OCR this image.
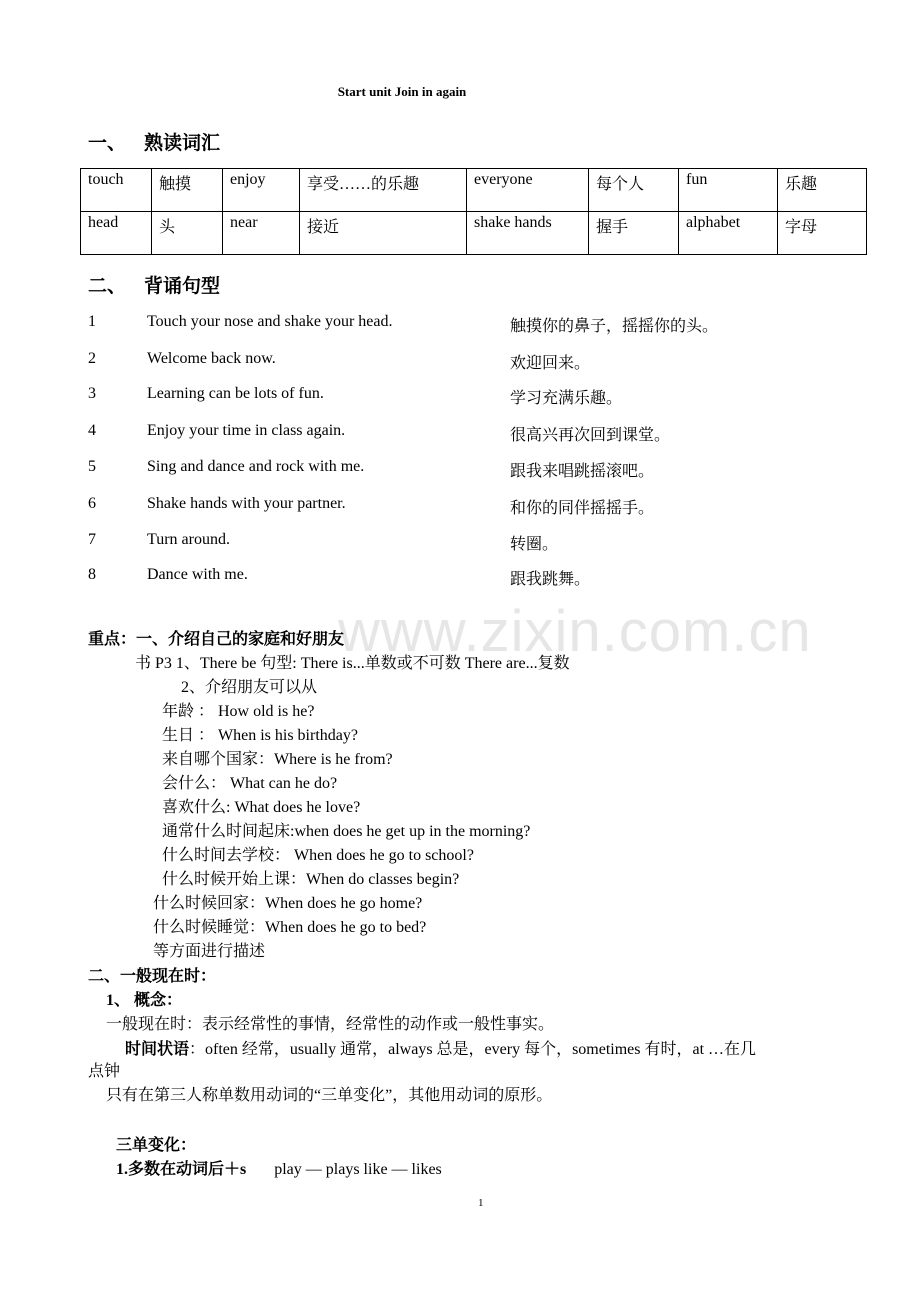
Start unit Join in again
一、 熟读词汇
touch	触摸	enjoy	享受……的乐趣	everyone	每个人	fun	乐趣
head	头	near	接近	shake hands	握手	alphabet	字母
二、 背诵句型
1	Touch your nose and shake your head.	触摸你的鼻子，摇摇你的头。
2	Welcome back now.	欢迎回来。
3	Learning can be lots of fun.	学习充满乐趣。
4	Enjoy your time in class again.	很高兴再次回到课堂。
5	Sing and dance and rock with me.	跟我来唱跳摇滚吧。
6	Shake hands with your partner.	和你的同伴摇摇手。
7	Turn around.	转圈。
8	Dance with me.	跟我跳舞。
www.zixin.com.cn
重点：一、介绍自己的家庭和好朋友
书 P3 1、There be 句型: There is...单数或不可数 There are...复数
2、介绍朋友可以从
年龄 ： How old is he?
生日 ： When is his birthday?
来自哪个国家：Where is he from?
会什么： What can he do?
喜欢什么: What does he love?
通常什么时间起床:when does he get up in the morning?
什么时间去学校： When does he go to school?
什么时候开始上课：When do classes begin?
什么时候回家：When does he go home?
什么时候睡觉：When does he go to bed?
等方面进行描述
二、一般现在时：
1、 概念：
一般现在时：表示经常性的事情，经常性的动作或一般性事实。
时间状语：often 经常，usually 通常，always 总是，every 每个，sometimes 有时，at …在几
点钟
只有在第三人称单数用动词的“三单变化”，其他用动词的原形。
三单变化：
1.多数在动词后＋s play — plays like — likes
1
